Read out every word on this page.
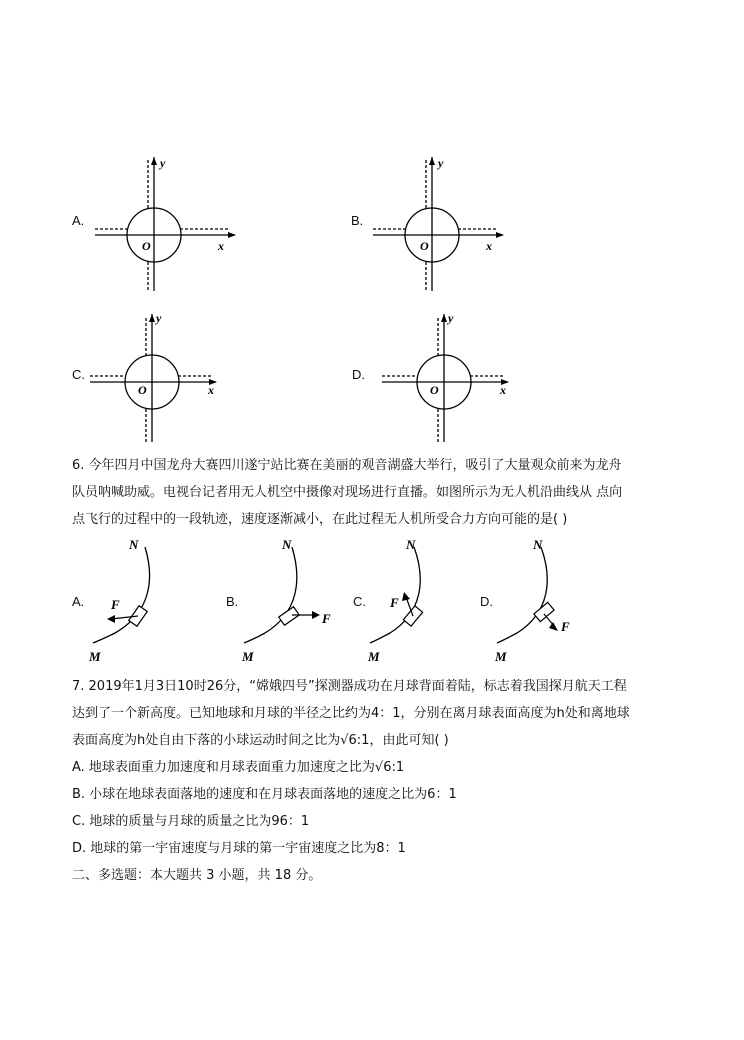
A.	B.
C.	D.
y
x
O
y
x
O
y
x
O
y
x
O
6. 今年四月中国龙舟大赛四川遂宁站比赛在美丽的观音湖盛大举行，吸引了大量观众前来为龙舟
队员呐喊助威。电视台记者用无人机空中摄像对现场进行直播。如图所示为无人机沿曲线从 点向
点飞行的过程中的一段轨迹，速度逐渐减小，在此过程无人机所受合力方向可能的是( )
A.	B.	C.	D.
N
M
F
N
M
F
N
M
F
N
M
F
7. 2019年1月3日10时26分，“嫦娥四号”探测器成功在月球背面着陆，标志着我国探月航天工程
达到了一个新高度。已知地球和月球的半径之比约为4：1，分别在离月球表面高度为h处和离地球
表面高度为h处自由下落的小球运动时间之比为√6:1，由此可知( )
A. 地球表面重力加速度和月球表面重力加速度之比为√6:1
B. 小球在地球表面落地的速度和在月球表面落地的速度之比为6：1
C. 地球的质量与月球的质量之比为96：1
D. 地球的第一宇宙速度与月球的第一宇宙速度之比为8：1
二、多选题：本大题共 3 小题，共 18 分。
